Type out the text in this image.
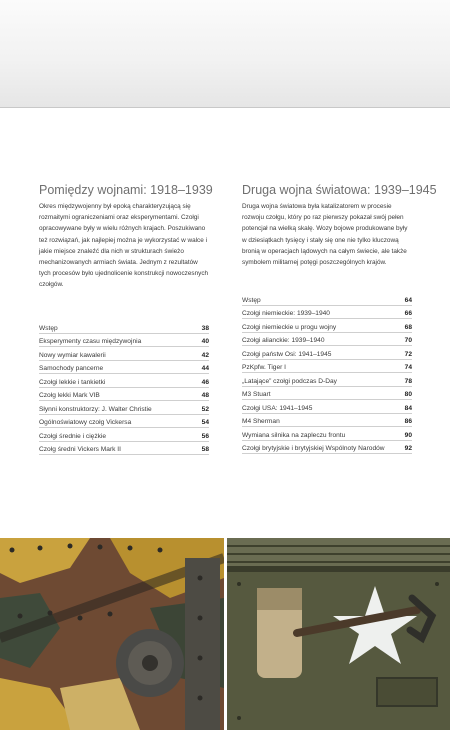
Pomiędzy wojnami: 1918–1939

Okres międzywojenny był epoką charakteryzującą się rozmaitymi ograniczeniami oraz eksperymentami. Czołgi opracowywane były w wielu różnych krajach. Poszukiwano też rozwiązań, jak najlepiej można je wykorzystać w walce i jakie miejsce znaleźć dla nich w strukturach świeżo mechanizowanych armiach świata. Jednym z rezultatów tych procesów było ujednolicenie konstrukcji nowoczesnych czołgów.

Druga wojna światowa: 1939–1945

Druga wojna światowa była katalizatorem w procesie rozwoju czołgu, który po raz pierwszy pokazał swój pełen potencjał na wielką skalę. Wozy bojowe produkowane były w dziesiątkach tysięcy i stały się one nie tylko kluczową bronią w operacjach lądowych na całym świecie, ale także symbolem militarnej potęgi poszczególnych krajów.

Wstęp	38
Eksperymenty czasu międzywojnia	40
Nowy wymiar kawalerii	42
Samochody pancerne	44
Czołgi lekkie i tankietki	46
Czołg lekki Mark VIB	48
Słynni konstruktorzy: J. Walter Christie	52
Ogólnoświatowy czołg Vickersa	54
Czołgi średnie i ciężkie	56
Czołg średni Vickers Mark II	58
Wstęp	64
Czołgi niemieckie: 1939–1940	66
Czołgi niemieckie u progu wojny	68
Czołgi alianckie: 1939–1940	70
Czołgi państw Osi: 1941–1945	72
PzKpfw. Tiger I	74
„Latające” czołgi podczas D-Day	78
M3 Stuart	80
Czołgi USA: 1941–1945	84
M4 Sherman	86
Wymiana silnika na zapleczu frontu	90
Czołgi brytyjskie i brytyjskiej Wspólnoty Narodów	92
